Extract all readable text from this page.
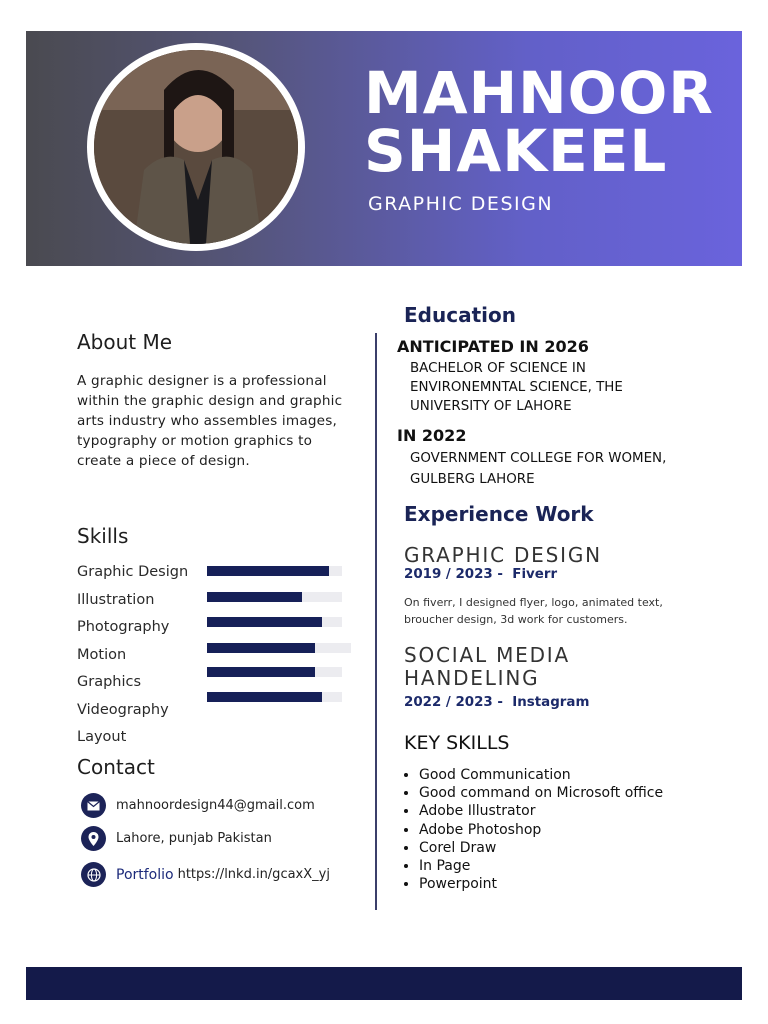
MAHNOOR
SHAKEEL
GRAPHIC DESIGN
About Me
A graphic designer is a professional within the graphic design and graphic arts industry who assembles images, typography or motion graphics to create a piece of design.
Skills
Graphic Design
Illustration
Photography
Motion
Graphics
Videography
Layout
Contact
mahnoordesign44@gmail.com
Lahore, punjab Pakistan
Portfolio https://lnkd.in/gcaxX_yj
Education
ANTICIPATED IN 2026
BACHELOR OF SCIENCE IN
ENVIRONEMNTAL SCIENCE, THE
UNIVERSITY OF LAHORE
IN 2022
GOVERNMENT COLLEGE FOR WOMEN,
GULBERG LAHORE
Experience Work
GRAPHIC DESIGN
2019 / 2023 -  Fiverr
On fiverr, I designed flyer, logo, animated text, broucher design, 3d work for customers.
SOCIAL MEDIA
HANDELING
2022 / 2023 -  Instagram
KEY SKILLS
• Good Communication
• Good command on Microsoft office
• Adobe Illustrator
• Adobe Photoshop
• Corel Draw
• In Page
• Powerpoint
